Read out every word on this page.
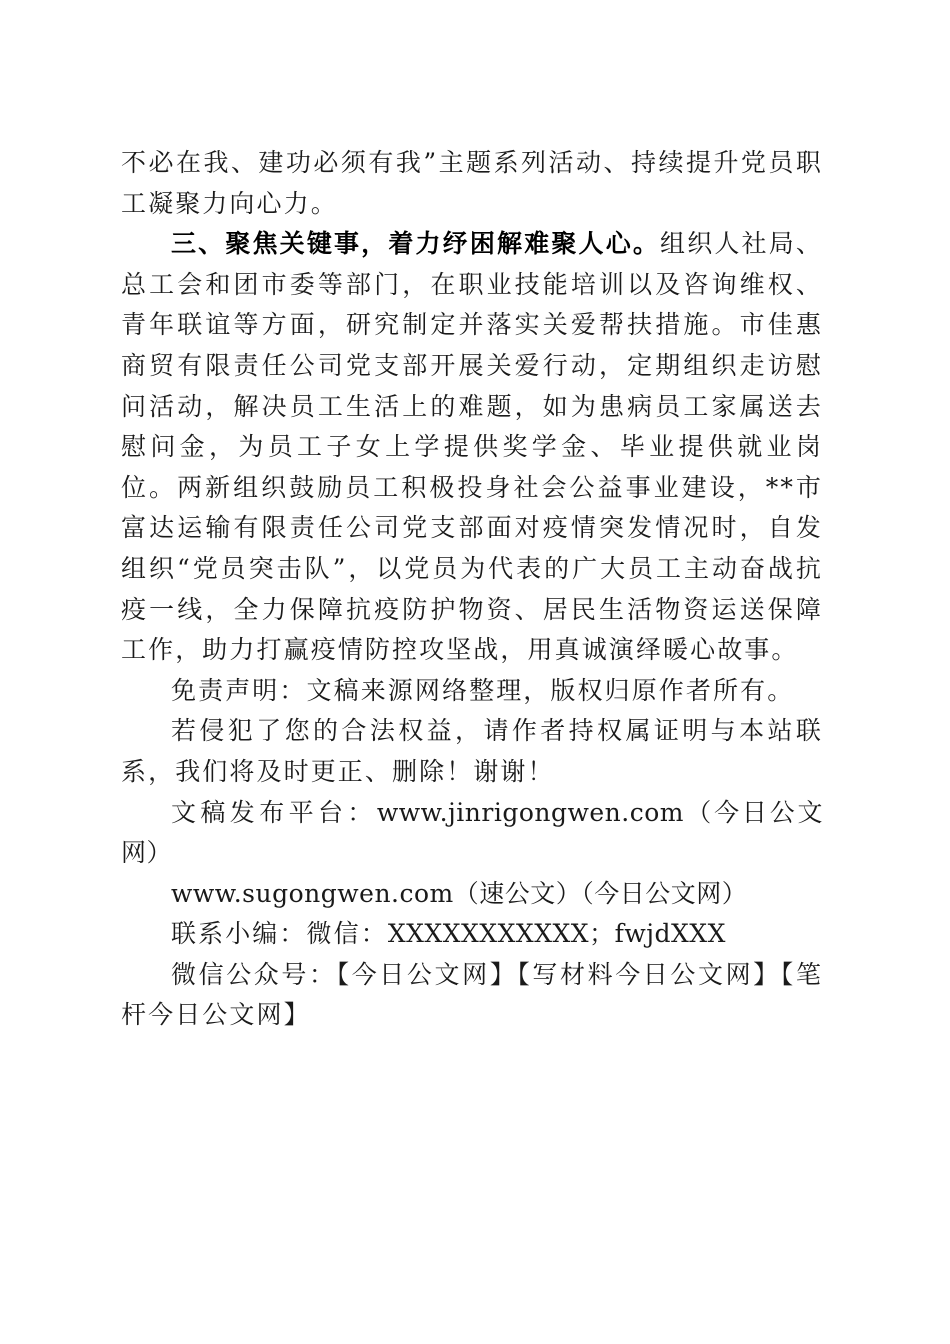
不必在我、建功必须有我”主题系列活动、持续提升党员职工凝聚力向心力。

三、聚焦关键事，着力纾困解难聚人心。组织人社局、总工会和团市委等部门，在职业技能培训以及咨询维权、青年联谊等方面，研究制定并落实关爱帮扶措施。市佳惠商贸有限责任公司党支部开展关爱行动，定期组织走访慰问活动，解决员工生活上的难题，如为患病员工家属送去慰问金，为员工子女上学提供奖学金、毕业提供就业岗位。两新组织鼓励员工积极投身社会公益事业建设，**市富达运输有限责任公司党支部面对疫情突发情况时，自发组织“党员突击队”，以党员为代表的广大员工主动奋战抗疫一线，全力保障抗疫防护物资、居民生活物资运送保障工作，助力打赢疫情防控攻坚战，用真诚演绎暖心故事。

免责声明：文稿来源网络整理，版权归原作者所有。

若侵犯了您的合法权益，请作者持权属证明与本站联系，我们将及时更正、删除！谢谢！

文稿发布平台：www.jinrigongwen.com（今日公文网）

www.sugongwen.com（速公文）（今日公文网）

联系小编：微信：XXXXXXXXXXX；fwjdXXX

微信公众号：【今日公文网】【写材料今日公文网】【笔杆今日公文网】
